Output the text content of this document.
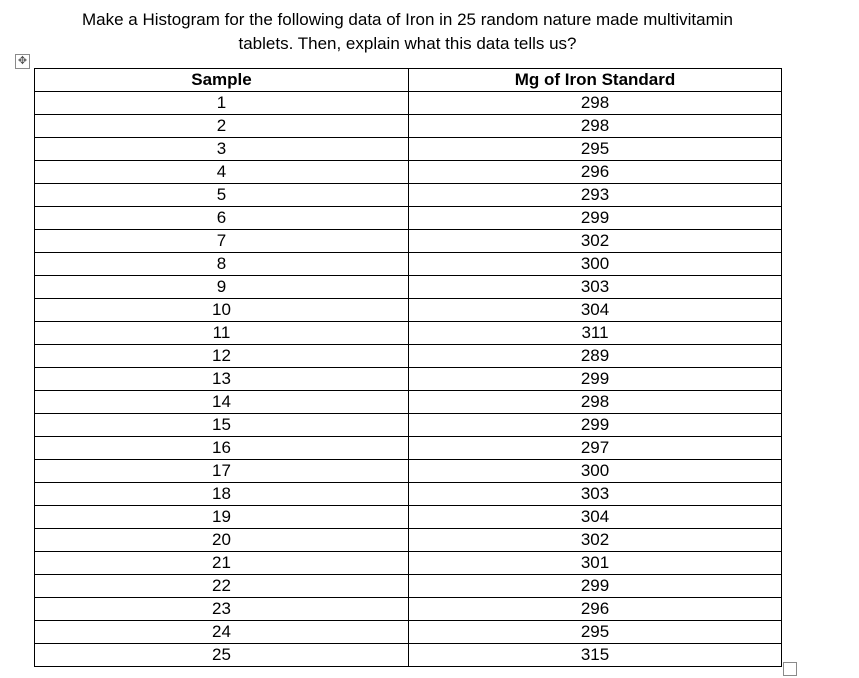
Make a Histogram for the following data of Iron in 25 random nature made multivitamin
tablets. Then, explain what this data tells us?
✥
Sample	Mg of Iron Standard
1	298
2	298
3	295
4	296
5	293
6	299
7	302
8	300
9	303
10	304
11	311
12	289
13	299
14	298
15	299
16	297
17	300
18	303
19	304
20	302
21	301
22	299
23	296
24	295
25	315
